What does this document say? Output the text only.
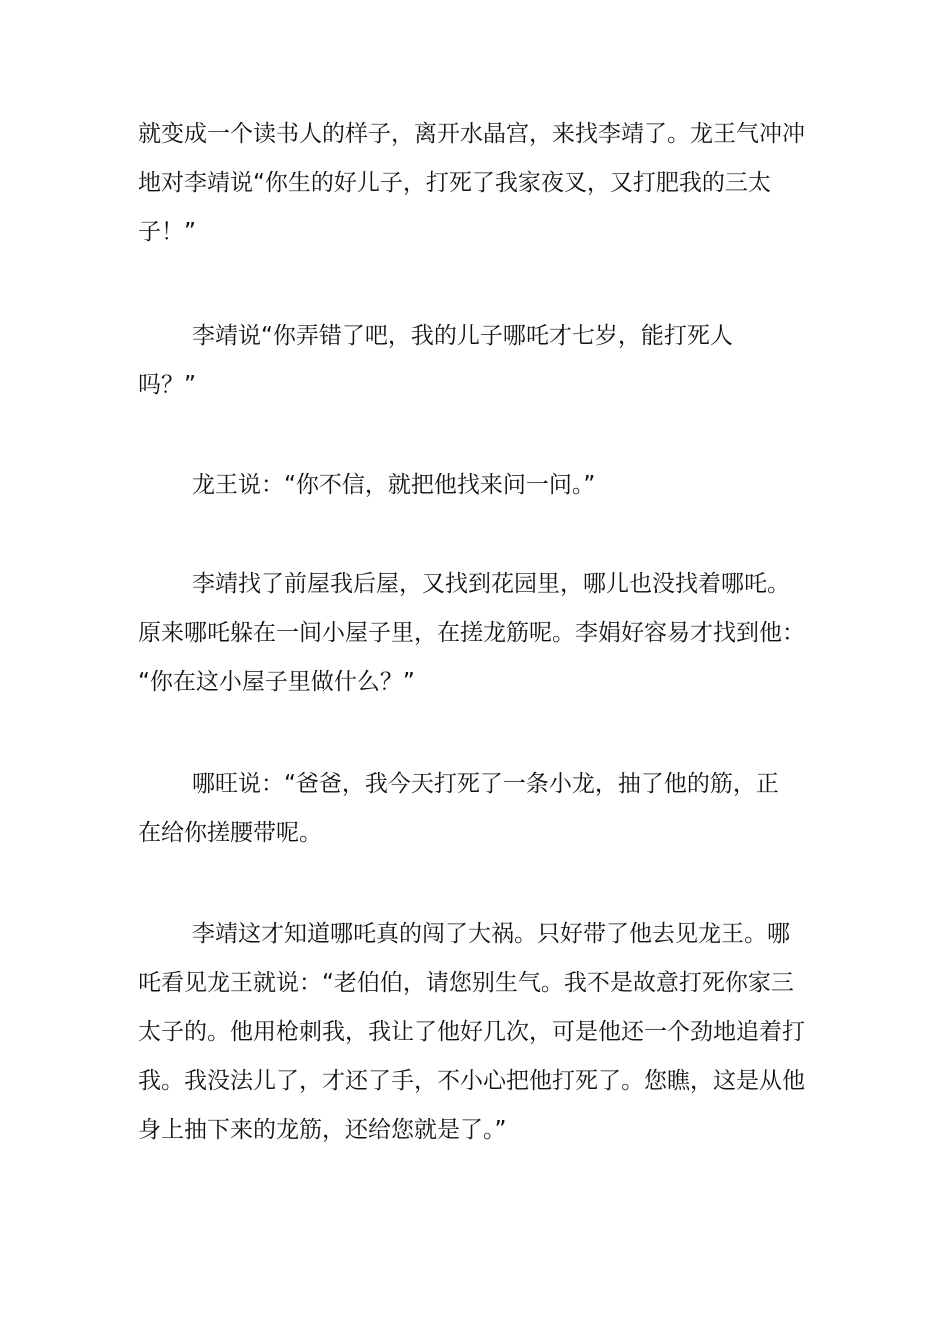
就变成一个读书人的样子，离开水晶宫，来找李靖了。龙王气冲冲
地对李靖说“你生的好儿子，打死了我家夜叉，又打肥我的三太
子！”
李靖说“你弄错了吧，我的儿子哪吒才七岁，能打死人
吗？”
龙王说：“你不信，就把他找来问一问。”
李靖找了前屋我后屋，又找到花园里，哪儿也没找着哪吒。
原来哪吒躲在一间小屋子里，在搓龙筋呢。李娟好容易才找到他：
“你在这小屋子里做什么？”
哪旺说：“爸爸，我今天打死了一条小龙，抽了他的筋，正
在给你搓腰带呢。
李靖这才知道哪吒真的闯了大祸。只好带了他去见龙王。哪
吒看见龙王就说：“老伯伯，请您别生气。我不是故意打死你家三
太子的。他用枪刺我，我让了他好几次，可是他还一个劲地追着打
我。我没法儿了，才还了手，不小心把他打死了。您瞧，这是从他
身上抽下来的龙筋，还给您就是了。”
